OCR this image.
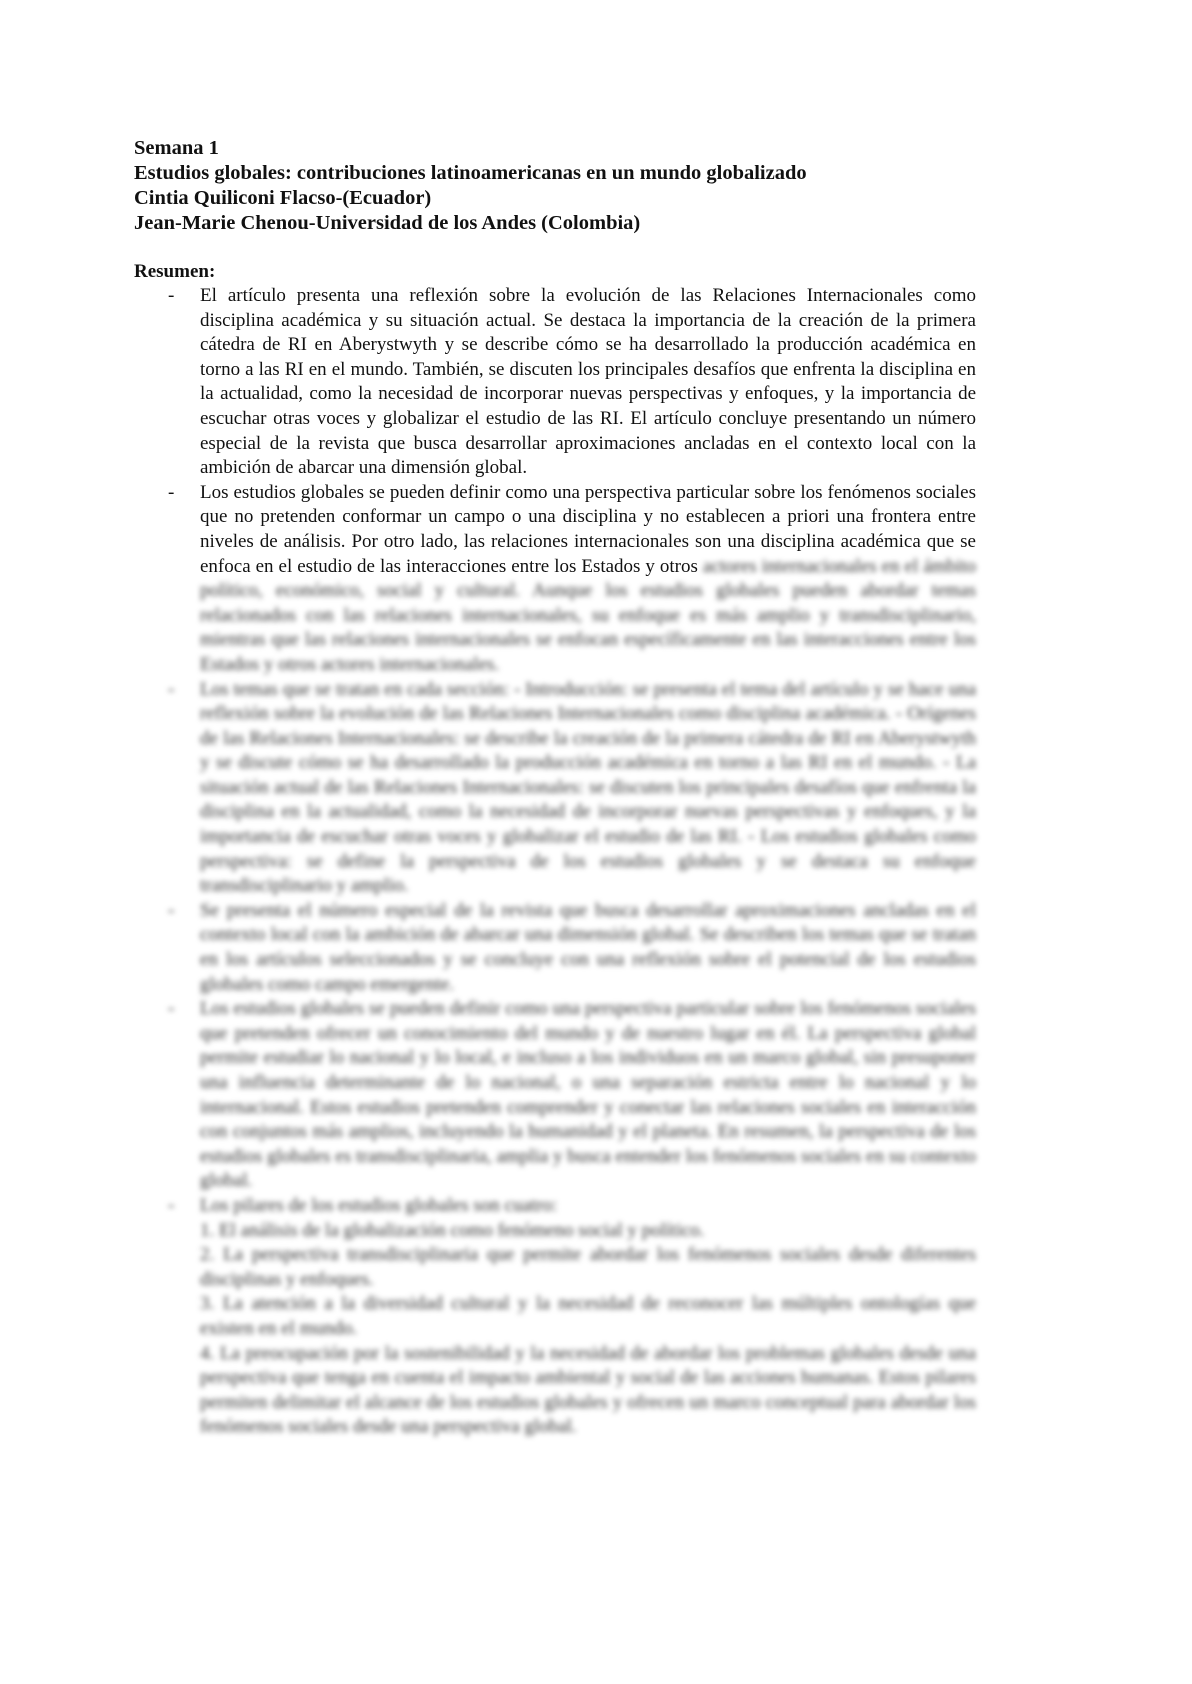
Semana 1
Estudios globales: contribuciones latinoamericanas en un mundo globalizado
Cintia Quiliconi Flacso-(Ecuador)
Jean-Marie Chenou-Universidad de los Andes (Colombia)
Resumen:
- El artículo presenta una reflexión sobre la evolución de las Relaciones Internacionales como disciplina académica y su situación actual. Se destaca la importancia de la creación de la primera cátedra de RI en Aberystwyth y se describe cómo se ha desarrollado la producción académica en torno a las RI en el mundo. También, se discuten los principales desafíos que enfrenta la disciplina en la actualidad, como la necesidad de incorporar nuevas perspectivas y enfoques, y la importancia de escuchar otras voces y globalizar el estudio de las RI. El artículo concluye presentando un número especial de la revista que busca desarrollar aproximaciones ancladas en el contexto local con la ambición de abarcar una dimensión global.
- Los estudios globales se pueden definir como una perspectiva particular sobre los fenómenos sociales que no pretenden conformar un campo o una disciplina y no establecen a priori una frontera entre niveles de análisis. Por otro lado, las relaciones internacionales son una disciplina académica que se enfoca en el estudio de las interacciones entre los Estados y otros actores internacionales en el ámbito político, económico, social y cultural. Aunque los estudios globales pueden abordar temas relacionados con las relaciones internacionales, su enfoque es más amplio y transdisciplinario, mientras que las relaciones internacionales se enfocan específicamente en las interacciones entre los Estados y otros actores internacionales.
- Los temas que se tratan en cada sección: - Introducción: se presenta el tema del artículo y se hace una reflexión sobre la evolución de las Relaciones Internacionales como disciplina académica. - Orígenes de las Relaciones Internacionales: se describe la creación de la primera cátedra de RI en Aberystwyth y se discute cómo se ha desarrollado la producción académica en torno a las RI en el mundo. - La situación actual de las Relaciones Internacionales: se discuten los principales desafíos que enfrenta la disciplina en la actualidad, como la necesidad de incorporar nuevas perspectivas y enfoques, y la importancia de escuchar otras voces y globalizar el estudio de las RI. - Los estudios globales como perspectiva: se define la perspectiva de los estudios globales y se destaca su enfoque transdisciplinario y amplio.
- Se presenta el número especial de la revista que busca desarrollar aproximaciones ancladas en el contexto local con la ambición de abarcar una dimensión global. Se describen los temas que se tratan en los artículos seleccionados y se concluye con una reflexión sobre el potencial de los estudios globales como campo emergente.
- Los estudios globales se pueden definir como una perspectiva particular sobre los fenómenos sociales que pretenden ofrecer un conocimiento del mundo y de nuestro lugar en él. La perspectiva global permite estudiar lo nacional y lo local, e incluso a los individuos en un marco global, sin presuponer una influencia determinante de lo nacional, o una separación estricta entre lo nacional y lo internacional. Estos estudios pretenden comprender y conectar las relaciones sociales en interacción con conjuntos más amplios, incluyendo la humanidad y el planeta. En resumen, la perspectiva de los estudios globales es transdisciplinaria, amplia y busca entender los fenómenos sociales en su contexto global.
- Los pilares de los estudios globales son cuatro:
1. El análisis de la globalización como fenómeno social y político.
2. La perspectiva transdisciplinaria que permite abordar los fenómenos sociales desde diferentes disciplinas y enfoques.
3. La atención a la diversidad cultural y la necesidad de reconocer las múltiples ontologías que existen en el mundo.
4. La preocupación por la sostenibilidad y la necesidad de abordar los problemas globales desde una perspectiva que tenga en cuenta el impacto ambiental y social de las acciones humanas. Estos pilares permiten delimitar el alcance de los estudios globales y ofrecen un marco conceptual para abordar los fenómenos sociales desde una perspectiva global.
